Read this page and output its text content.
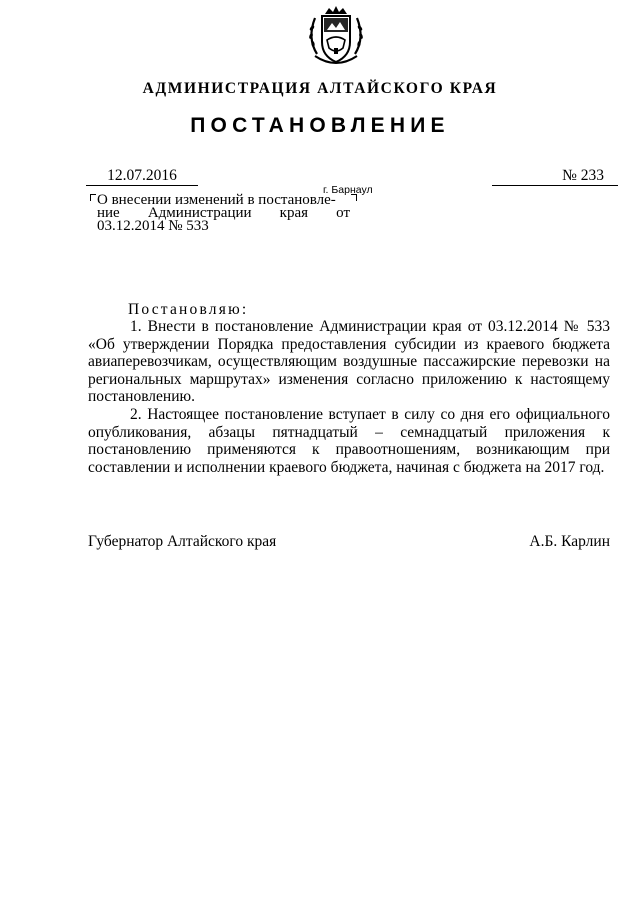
АДМИНИСТРАЦИЯ АЛТАЙСКОГО КРАЯ
ПОСТАНОВЛЕНИЕ
12.07.2016	№ 233
г. Барнаул
О внесении изменений в постановле-
ние Администрации края от
03.12.2014 № 533
Постановляю:

1. Внести в постановление Администрации края от 03.12.2014 № 533 «Об утверждении Порядка предоставления субсидии из краевого бюджета авиаперевозчикам, осуществляющим воздушные пассажирские перевозки на региональных маршрутах» изменения согласно приложению к настоящему постановлению.

2. Настоящее постановление вступает в силу со дня его официального опубликования, абзацы пятнадцатый – семнадцатый приложения к постановлению применяются к правоотношениям, возникающим при составлении и исполнении краевого бюджета, начиная с бюджета на 2017 год.

Губернатор Алтайского края	А.Б. Карлин
